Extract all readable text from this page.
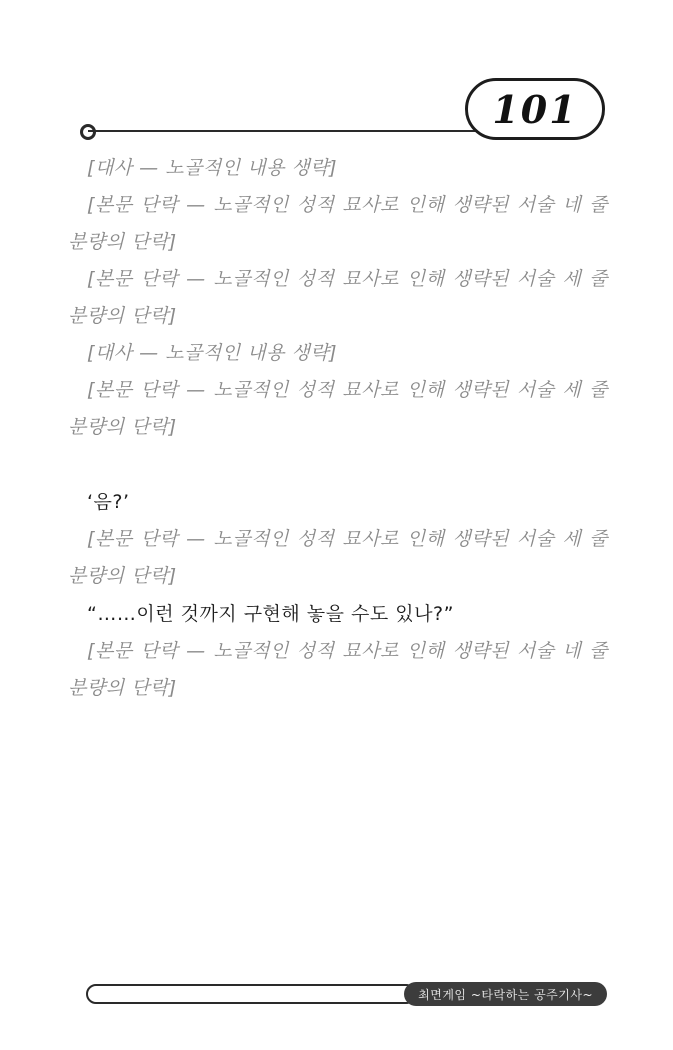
101

[대사 — 노골적인 내용 생략]

[본문 단락 — 노골적인 성적 묘사로 인해 생략된 서술 네 줄 분량의 단락]

[본문 단락 — 노골적인 성적 묘사로 인해 생략된 서술 세 줄 분량의 단락]

[대사 — 노골적인 내용 생략]

[본문 단락 — 노골적인 성적 묘사로 인해 생략된 서술 세 줄 분량의 단락]

‘음?’

[본문 단락 — 노골적인 성적 묘사로 인해 생략된 서술 세 줄 분량의 단락]

“……이런 것까지 구현해 놓을 수도 있나?”

[본문 단락 — 노골적인 성적 묘사로 인해 생략된 서술 네 줄 분량의 단락]

최면게임 ~타락하는 공주기사~
